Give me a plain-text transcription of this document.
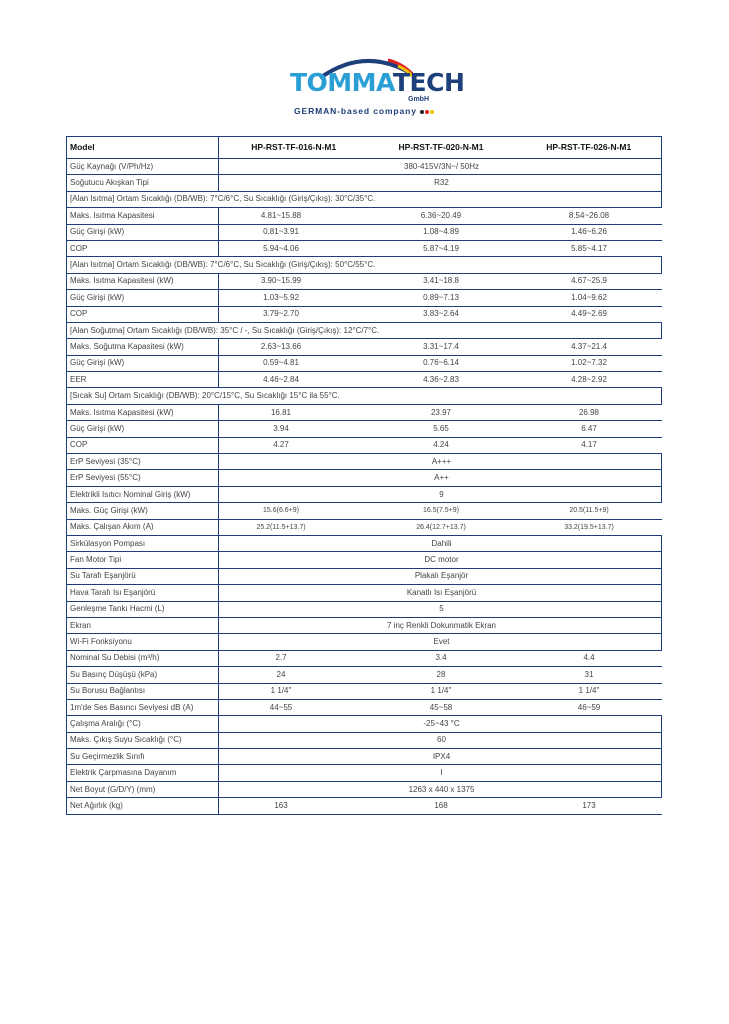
TOMMATECH
GmbH
GERMAN-based company
Model	HP-RST-TF-016-N-M1	HP-RST-TF-020-N-M1	HP-RST-TF-026-N-M1
Güç Kaynağı (V/Ph/Hz)	380-415V/3N~/ 50Hz		
Soğutucu Akışkan Tipi	R32		
[Alan Isıtma] Ortam Sıcaklığı (DB/WB): 7°C/6°C, Su Sıcaklığı (Giriş/Çıkış): 30°C/35°C.			
Maks. Isıtma Kapasitesi	4.81~15.88	6.36~20.49	8.54~26.08
Güç Girişi (kW)	0.81~3.91	1.08~4.89	1.46~6.26
COP	5.94~4.06	5.87~4.19	5.85~4.17
[Alan Isıtma] Ortam Sıcaklığı (DB/WB): 7°C/6°C, Su Sıcaklığı (Giriş/Çıkış): 50°C/55°C.			
Maks. Isıtma Kapasitesi (kW)	3.90~15.99	3.41~18.8	4.67~25.9
Güç Girişi (kW)	1.03~5.92	0.89~7.13	1.04~9.62
COP	3.79~2.70	3.83~2.64	4.49~2.69
[Alan Soğutma] Ortam Sıcaklığı (DB/WB): 35°C / -, Su Sıcaklığı (Giriş/Çıkış): 12°C/7°C.			
Maks. Soğutma Kapasitesi (kW)	2.63~13.66	3.31~17.4	4.37~21.4
Güç Girişi (kW)	0.59~4.81	0.76~6.14	1.02~7.32
EER	4.46~2.84	4.36~2.83	4.28~2.92
[Sıcak Su] Ortam Sıcaklığı (DB/WB): 20°C/15°C, Su Sıcaklığı 15°C ila 55°C.			
Maks. Isıtma Kapasitesi (kW)	16.81	23.97	26.98
Güç Girişi (kW)	3.94	5.65	6.47
COP	4.27	4.24	4.17
ErP Seviyesi (35°C)	A+++		
ErP Seviyesi (55°C)	A++		
Elektrikli Isıtıcı Nominal Giriş (kW)	9		
Maks. Güç Girişi (kW)	15.6(6.6+9)	16.5(7.5+9)	20.5(11.5+9)
Maks. Çalışan Akım (A)	25.2(11.5+13.7)	26.4(12.7+13.7)	33.2(19.5+13.7)
Sirkülasyon Pompası	Dahili		
Fan Motor Tipi	DC motor		
Su Tarafı Eşanjörü	Plakalı Eşanjör		
Hava Tarafı Isı Eşanjörü	Kanatlı Isı Eşanjörü		
Genleşme Tankı Hacmi (L)	5		
Ekran	7 inç Renkli Dokunmatik Ekran		
Wi-Fi Fonksiyonu	Evet		
Nominal Su Debisi (m³/h)	2.7	3.4	4.4
Su Basınç Düşüşü (kPa)	24	28	31
Su Borusu Bağlantısı	1 1/4"	1 1/4"	1 1/4"
1m'de Ses Basıncı Seviyesi dB (A)	44~55	45~58	46~59
Çalışma Aralığı (°C)	-25~43 °C		
Maks. Çıkış Suyu Sıcaklığı (°C)	60		
Su Geçirmezlik Sınıfı	IPX4		
Elektrik Çarpmasına Dayanım	I		
Net Boyut (G/D/Y) (mm)	1263 x 440 x 1375		
Net Ağırlık (kg)	163	168	173
